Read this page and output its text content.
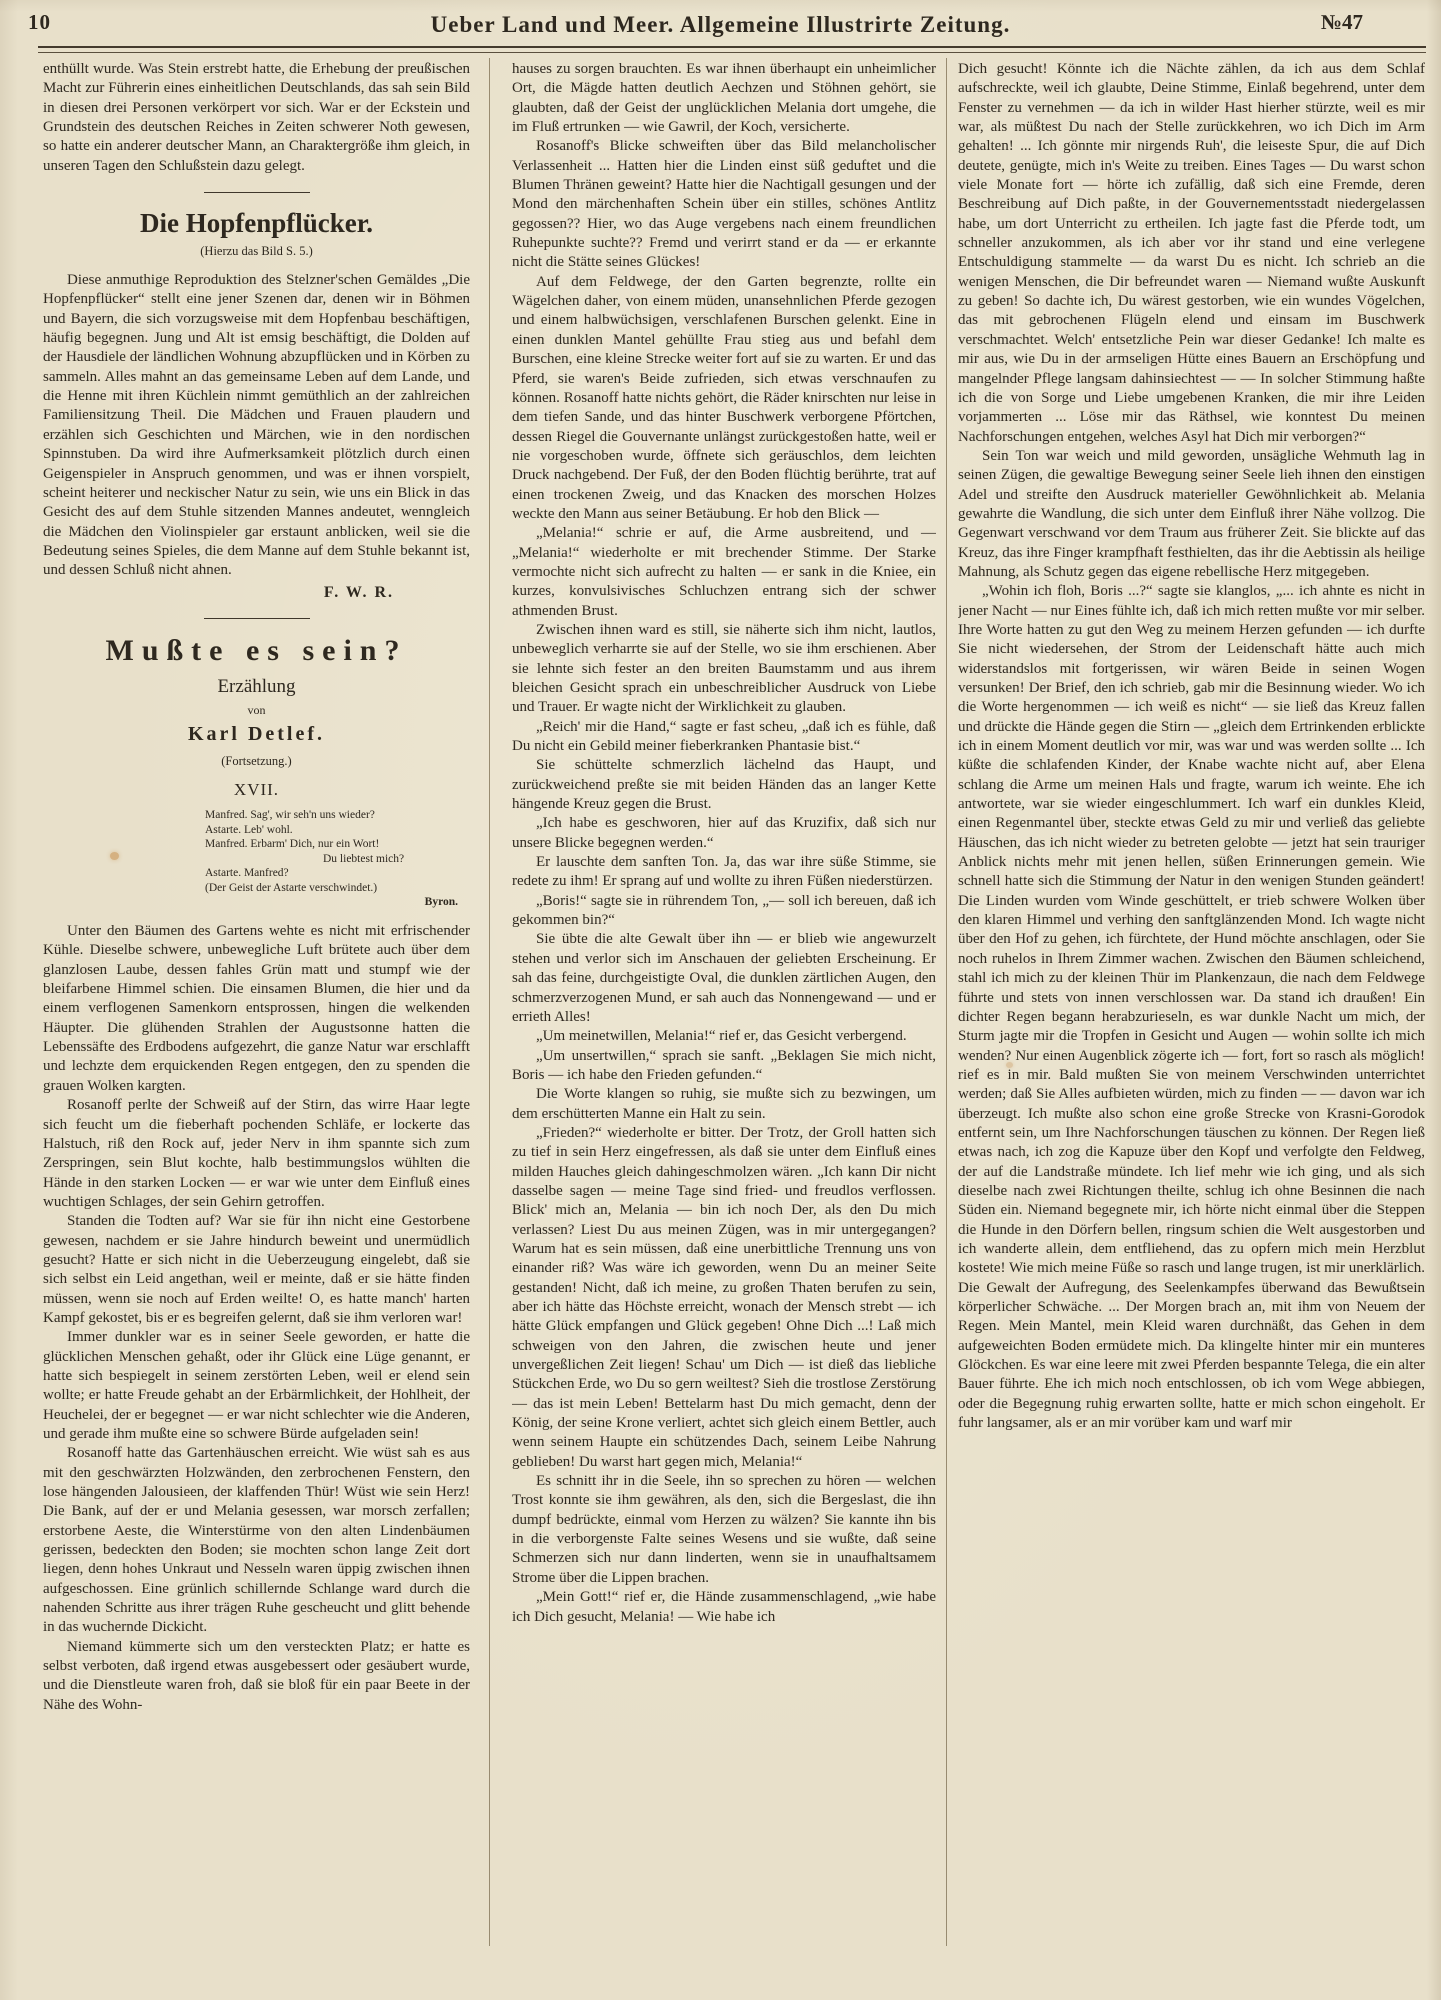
10	Ueber Land und Meer. Allgemeine Illustrirte Zeitung.	№47

enthüllt wurde. Was Stein erstrebt hatte, die Erhebung der preußischen Macht zur Führerin eines einheitlichen Deutschlands, das sah sein Bild in diesen drei Personen verkörpert vor sich. War er der Eckstein und Grundstein des deutschen Reiches in Zeiten schwerer Noth gewesen, so hatte ein anderer deutscher Mann, an Charaktergröße ihm gleich, in unseren Tagen den Schlußstein dazu gelegt.

Die Hopfenpflücker.
(Hierzu das Bild S. 5.)

Diese anmuthige Reproduktion des Stelzner'schen Gemäldes „Die Hopfenpflücker“ stellt eine jener Szenen dar, denen wir in Böhmen und Bayern, die sich vorzugsweise mit dem Hopfenbau beschäftigen, häufig begegnen. Jung und Alt ist emsig beschäftigt, die Dolden auf der Hausdiele der ländlichen Wohnung abzupflücken und in Körben zu sammeln. Alles mahnt an das gemeinsame Leben auf dem Lande, und die Henne mit ihren Küchlein nimmt gemüthlich an der zahlreichen Familiensitzung Theil. Die Mädchen und Frauen plaudern und erzählen sich Geschichten und Märchen, wie in den nordischen Spinnstuben. Da wird ihre Aufmerksamkeit plötzlich durch einen Geigenspieler in Anspruch genommen, und was er ihnen vorspielt, scheint heiterer und neckischer Natur zu sein, wie uns ein Blick in das Gesicht des auf dem Stuhle sitzenden Mannes andeutet, wenngleich die Mädchen den Violinspieler gar erstaunt anblicken, weil sie die Bedeutung seines Spieles, die dem Manne auf dem Stuhle bekannt ist, und dessen Schluß nicht ahnen.

F. W. R.
Mußte es sein?
Erzählung
von
Karl Detlef.
(Fortsetzung.)
XVII.
Manfred. Sag', wir seh'n uns wieder?
Astarte. Leb' wohl.
Manfred. Erbarm' Dich, nur ein Wort!
Du liebtest mich?
Astarte. Manfred?
(Der Geist der Astarte verschwindet.)
Byron.

Unter den Bäumen des Gartens wehte es nicht mit erfrischender Kühle. Dieselbe schwere, unbewegliche Luft brütete auch über dem glanzlosen Laube, dessen fahles Grün matt und stumpf wie der bleifarbene Himmel schien. Die einsamen Blumen, die hier und da einem verflogenen Samenkorn entsprossen, hingen die welkenden Häupter. Die glühenden Strahlen der Augustsonne hatten die Lebenssäfte des Erdbodens aufgezehrt, die ganze Natur war erschlafft und lechzte dem erquickenden Regen entgegen, den zu spenden die grauen Wolken kargten.

Rosanoff perlte der Schweiß auf der Stirn, das wirre Haar legte sich feucht um die fieberhaft pochenden Schläfe, er lockerte das Halstuch, riß den Rock auf, jeder Nerv in ihm spannte sich zum Zerspringen, sein Blut kochte, halb bestimmungslos wühlten die Hände in den starken Locken — er war wie unter dem Einfluß eines wuchtigen Schlages, der sein Gehirn getroffen.

Standen die Todten auf? War sie für ihn nicht eine Gestorbene gewesen, nachdem er sie Jahre hindurch beweint und unermüdlich gesucht? Hatte er sich nicht in die Ueberzeugung eingelebt, daß sie sich selbst ein Leid angethan, weil er meinte, daß er sie hätte finden müssen, wenn sie noch auf Erden weilte! O, es hatte manch' harten Kampf gekostet, bis er es begreifen gelernt, daß sie ihm verloren war!

Immer dunkler war es in seiner Seele geworden, er hatte die glücklichen Menschen gehaßt, oder ihr Glück eine Lüge genannt, er hatte sich bespiegelt in seinem zerstörten Leben, weil er elend sein wollte; er hatte Freude gehabt an der Erbärmlichkeit, der Hohlheit, der Heuchelei, der er begegnet — er war nicht schlechter wie die Anderen, und gerade ihm mußte eine so schwere Bürde aufgeladen sein!

Rosanoff hatte das Gartenhäuschen erreicht. Wie wüst sah es aus mit den geschwärzten Holzwänden, den zerbrochenen Fenstern, den lose hängenden Jalousieen, der klaffenden Thür! Wüst wie sein Herz! Die Bank, auf der er und Melania gesessen, war morsch zerfallen; erstorbene Aeste, die Winterstürme von den alten Lindenbäumen gerissen, bedeckten den Boden; sie mochten schon lange Zeit dort liegen, denn hohes Unkraut und Nesseln waren üppig zwischen ihnen aufgeschossen. Eine grünlich schillernde Schlange ward durch die nahenden Schritte aus ihrer trägen Ruhe gescheucht und glitt behende in das wuchernde Dickicht.

Niemand kümmerte sich um den versteckten Platz; er hatte es selbst verboten, daß irgend etwas ausgebessert oder gesäubert wurde, und die Dienstleute waren froh, daß sie bloß für ein paar Beete in der Nähe des Wohn-

hauses zu sorgen brauchten. Es war ihnen überhaupt ein unheimlicher Ort, die Mägde hatten deutlich Aechzen und Stöhnen gehört, sie glaubten, daß der Geist der unglücklichen Melania dort umgehe, die im Fluß ertrunken — wie Gawril, der Koch, versicherte.

Rosanoff's Blicke schweiften über das Bild melancholischer Verlassenheit ... Hatten hier die Linden einst süß geduftet und die Blumen Thränen geweint? Hatte hier die Nachtigall gesungen und der Mond den märchenhaften Schein über ein stilles, schönes Antlitz gegossen?? Hier, wo das Auge vergebens nach einem freundlichen Ruhepunkte suchte?? Fremd und verirrt stand er da — er erkannte nicht die Stätte seines Glückes!

Auf dem Feldwege, der den Garten begrenzte, rollte ein Wägelchen daher, von einem müden, unansehnlichen Pferde gezogen und einem halbwüchsigen, verschlafenen Burschen gelenkt. Eine in einen dunklen Mantel gehüllte Frau stieg aus und befahl dem Burschen, eine kleine Strecke weiter fort auf sie zu warten. Er und das Pferd, sie waren's Beide zufrieden, sich etwas verschnaufen zu können. Rosanoff hatte nichts gehört, die Räder knirschten nur leise in dem tiefen Sande, und das hinter Buschwerk verborgene Pförtchen, dessen Riegel die Gouvernante unlängst zurückgestoßen hatte, weil er nie vorgeschoben wurde, öffnete sich geräuschlos, dem leichten Druck nachgebend. Der Fuß, der den Boden flüchtig berührte, trat auf einen trockenen Zweig, und das Knacken des morschen Holzes weckte den Mann aus seiner Betäubung. Er hob den Blick —

„Melania!“ schrie er auf, die Arme ausbreitend, und — „Melania!“ wiederholte er mit brechender Stimme. Der Starke vermochte nicht sich aufrecht zu halten — er sank in die Kniee, ein kurzes, konvulsivisches Schluchzen entrang sich der schwer athmenden Brust.

Zwischen ihnen ward es still, sie näherte sich ihm nicht, lautlos, unbeweglich verharrte sie auf der Stelle, wo sie ihm erschienen. Aber sie lehnte sich fester an den breiten Baumstamm und aus ihrem bleichen Gesicht sprach ein unbeschreiblicher Ausdruck von Liebe und Trauer. Er wagte nicht der Wirklichkeit zu glauben.

„Reich' mir die Hand,“ sagte er fast scheu, „daß ich es fühle, daß Du nicht ein Gebild meiner fieberkranken Phantasie bist.“

Sie schüttelte schmerzlich lächelnd das Haupt, und zurückweichend preßte sie mit beiden Händen das an langer Kette hängende Kreuz gegen die Brust.

„Ich habe es geschworen, hier auf das Kruzifix, daß sich nur unsere Blicke begegnen werden.“

Er lauschte dem sanften Ton. Ja, das war ihre süße Stimme, sie redete zu ihm! Er sprang auf und wollte zu ihren Füßen niederstürzen.

„Boris!“ sagte sie in rührendem Ton, „— soll ich bereuen, daß ich gekommen bin?“

Sie übte die alte Gewalt über ihn — er blieb wie angewurzelt stehen und verlor sich im Anschauen der geliebten Erscheinung. Er sah das feine, durchgeistigte Oval, die dunklen zärtlichen Augen, den schmerzverzogenen Mund, er sah auch das Nonnengewand — und er errieth Alles!

„Um meinetwillen, Melania!“ rief er, das Gesicht verbergend.

„Um unsertwillen,“ sprach sie sanft. „Beklagen Sie mich nicht, Boris — ich habe den Frieden gefunden.“

Die Worte klangen so ruhig, sie mußte sich zu bezwingen, um dem erschütterten Manne ein Halt zu sein.

„Frieden?“ wiederholte er bitter. Der Trotz, der Groll hatten sich zu tief in sein Herz eingefressen, als daß sie unter dem Einfluß eines milden Hauches gleich dahingeschmolzen wären. „Ich kann Dir nicht dasselbe sagen — meine Tage sind fried- und freudlos verflossen. Blick' mich an, Melania — bin ich noch Der, als den Du mich verlassen? Liest Du aus meinen Zügen, was in mir untergegangen? Warum hat es sein müssen, daß eine unerbittliche Trennung uns von einander riß? Was wäre ich geworden, wenn Du an meiner Seite gestanden! Nicht, daß ich meine, zu großen Thaten berufen zu sein, aber ich hätte das Höchste erreicht, wonach der Mensch strebt — ich hätte Glück empfangen und Glück gegeben! Ohne Dich ...! Laß mich schweigen von den Jahren, die zwischen heute und jener unvergeßlichen Zeit liegen! Schau' um Dich — ist dieß das liebliche Stückchen Erde, wo Du so gern weiltest? Sieh die trostlose Zerstörung — das ist mein Leben! Bettelarm hast Du mich gemacht, denn der König, der seine Krone verliert, achtet sich gleich einem Bettler, auch wenn seinem Haupte ein schützendes Dach, seinem Leibe Nahrung geblieben! Du warst hart gegen mich, Melania!“

Es schnitt ihr in die Seele, ihn so sprechen zu hören — welchen Trost konnte sie ihm gewähren, als den, sich die Bergeslast, die ihn dumpf bedrückte, einmal vom Herzen zu wälzen? Sie kannte ihn bis in die verborgenste Falte seines Wesens und sie wußte, daß seine Schmerzen sich nur dann linderten, wenn sie in unaufhaltsamem Strome über die Lippen brachen.

„Mein Gott!“ rief er, die Hände zusammenschlagend, „wie habe ich Dich gesucht, Melania! — Wie habe ich

Dich gesucht! Könnte ich die Nächte zählen, da ich aus dem Schlaf aufschreckte, weil ich glaubte, Deine Stimme, Einlaß begehrend, unter dem Fenster zu vernehmen — da ich in wilder Hast hierher stürzte, weil es mir war, als müßtest Du nach der Stelle zurückkehren, wo ich Dich im Arm gehalten! ... Ich gönnte mir nirgends Ruh', die leiseste Spur, die auf Dich deutete, genügte, mich in's Weite zu treiben. Eines Tages — Du warst schon viele Monate fort — hörte ich zufällig, daß sich eine Fremde, deren Beschreibung auf Dich paßte, in der Gouvernementsstadt niedergelassen habe, um dort Unterricht zu ertheilen. Ich jagte fast die Pferde todt, um schneller anzukommen, als ich aber vor ihr stand und eine verlegene Entschuldigung stammelte — da warst Du es nicht. Ich schrieb an die wenigen Menschen, die Dir befreundet waren — Niemand wußte Auskunft zu geben! So dachte ich, Du wärest gestorben, wie ein wundes Vögelchen, das mit gebrochenen Flügeln elend und einsam im Buschwerk verschmachtet. Welch' entsetzliche Pein war dieser Gedanke! Ich malte es mir aus, wie Du in der armseligen Hütte eines Bauern an Erschöpfung und mangelnder Pflege langsam dahinsiechtest — — In solcher Stimmung haßte ich die von Sorge und Liebe umgebenen Kranken, die mir ihre Leiden vorjammerten ... Löse mir das Räthsel, wie konntest Du meinen Nachforschungen entgehen, welches Asyl hat Dich mir verborgen?“

Sein Ton war weich und mild geworden, unsägliche Wehmuth lag in seinen Zügen, die gewaltige Bewegung seiner Seele lieh ihnen den einstigen Adel und streifte den Ausdruck materieller Gewöhnlichkeit ab. Melania gewahrte die Wandlung, die sich unter dem Einfluß ihrer Nähe vollzog. Die Gegenwart verschwand vor dem Traum aus früherer Zeit. Sie blickte auf das Kreuz, das ihre Finger krampfhaft festhielten, das ihr die Aebtissin als heilige Mahnung, als Schutz gegen das eigene rebellische Herz mitgegeben.

„Wohin ich floh, Boris ...?“ sagte sie klanglos, „... ich ahnte es nicht in jener Nacht — nur Eines fühlte ich, daß ich mich retten mußte vor mir selber. Ihre Worte hatten zu gut den Weg zu meinem Herzen gefunden — ich durfte Sie nicht wiedersehen, der Strom der Leidenschaft hätte auch mich widerstandslos mit fortgerissen, wir wären Beide in seinen Wogen versunken! Der Brief, den ich schrieb, gab mir die Besinnung wieder. Wo ich die Worte hergenommen — ich weiß es nicht“ — sie ließ das Kreuz fallen und drückte die Hände gegen die Stirn — „gleich dem Ertrinkenden erblickte ich in einem Moment deutlich vor mir, was war und was werden sollte ... Ich küßte die schlafenden Kinder, der Knabe wachte nicht auf, aber Elena schlang die Arme um meinen Hals und fragte, warum ich weinte. Ehe ich antwortete, war sie wieder eingeschlummert. Ich warf ein dunkles Kleid, einen Regenmantel über, steckte etwas Geld zu mir und verließ das geliebte Häuschen, das ich nicht wieder zu betreten gelobte — jetzt hat sein trauriger Anblick nichts mehr mit jenen hellen, süßen Erinnerungen gemein. Wie schnell hatte sich die Stimmung der Natur in den wenigen Stunden geändert! Die Linden wurden vom Winde geschüttelt, er trieb schwere Wolken über den klaren Himmel und verhing den sanftglänzenden Mond. Ich wagte nicht über den Hof zu gehen, ich fürchtete, der Hund möchte anschlagen, oder Sie noch ruhelos in Ihrem Zimmer wachen. Zwischen den Bäumen schleichend, stahl ich mich zu der kleinen Thür im Plankenzaun, die nach dem Feldwege führte und stets von innen verschlossen war. Da stand ich draußen! Ein dichter Regen begann herabzurieseln, es war dunkle Nacht um mich, der Sturm jagte mir die Tropfen in Gesicht und Augen — wohin sollte ich mich wenden? Nur einen Augenblick zögerte ich — fort, fort so rasch als möglich! rief es in mir. Bald mußten Sie von meinem Verschwinden unterrichtet werden; daß Sie Alles aufbieten würden, mich zu finden — — davon war ich überzeugt. Ich mußte also schon eine große Strecke von Krasni-Gorodok entfernt sein, um Ihre Nachforschungen täuschen zu können. Der Regen ließ etwas nach, ich zog die Kapuze über den Kopf und verfolgte den Feldweg, der auf die Landstraße mündete. Ich lief mehr wie ich ging, und als sich dieselbe nach zwei Richtungen theilte, schlug ich ohne Besinnen die nach Süden ein. Niemand begegnete mir, ich hörte nicht einmal über die Steppen die Hunde in den Dörfern bellen, ringsum schien die Welt ausgestorben und ich wanderte allein, dem entfliehend, das zu opfern mich mein Herzblut kostete! Wie mich meine Füße so rasch und lange trugen, ist mir unerklärlich. Die Gewalt der Aufregung, des Seelenkampfes überwand das Bewußtsein körperlicher Schwäche. ... Der Morgen brach an, mit ihm von Neuem der Regen. Mein Mantel, mein Kleid waren durchnäßt, das Gehen in dem aufgeweichten Boden ermüdete mich. Da klingelte hinter mir ein munteres Glöckchen. Es war eine leere mit zwei Pferden bespannte Telega, die ein alter Bauer führte. Ehe ich mich noch entschlossen, ob ich vom Wege abbiegen, oder die Begegnung ruhig erwarten sollte, hatte er mich schon eingeholt. Er fuhr langsamer, als er an mir vorüber kam und warf mir
